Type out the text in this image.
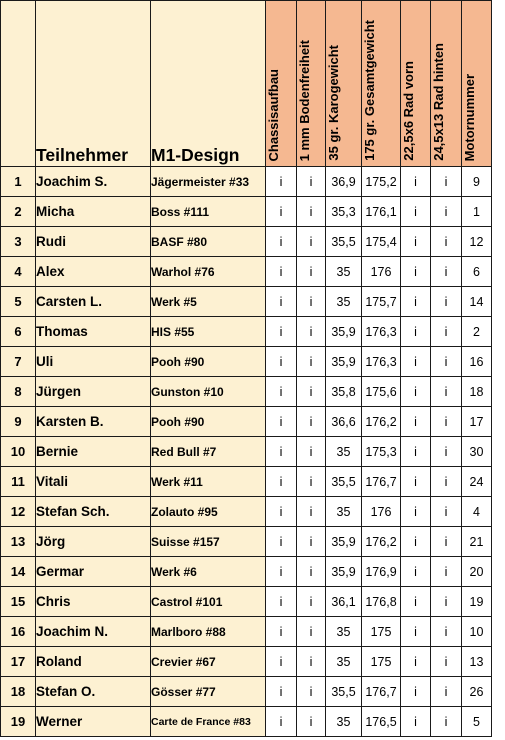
	Teilnehmer	M1-Design	Chassisaufbau	1 mm Bodenfreiheit	35 gr. Karogewicht	175 gr. Gesamtgewicht	22,5x6 Rad vorn	24,5x13 Rad hinten	Motornummer
1	Joachim S.	Jägermeister #33	i	i	36,9	175,2	i	i	9
2	Micha	Boss #111	i	i	35,3	176,1	i	i	1
3	Rudi	BASF #80	i	i	35,5	175,4	i	i	12
4	Alex	Warhol #76	i	i	35	176	i	i	6
5	Carsten L.	Werk #5	i	i	35	175,7	i	i	14
6	Thomas	HIS #55	i	i	35,9	176,3	i	i	2
7	Uli	Pooh #90	i	i	35,9	176,3	i	i	16
8	Jürgen	Gunston #10	i	i	35,8	175,6	i	i	18
9	Karsten B.	Pooh #90	i	i	36,6	176,2	i	i	17
10	Bernie	Red Bull #7	i	i	35	175,3	i	i	30
11	Vitali	Werk #11	i	i	35,5	176,7	i	i	24
12	Stefan Sch.	Zolauto #95	i	i	35	176	i	i	4
13	Jörg	Suisse #157	i	i	35,9	176,2	i	i	21
14	Germar	Werk #6	i	i	35,9	176,9	i	i	20
15	Chris	Castrol #101	i	i	36,1	176,8	i	i	19
16	Joachim N.	Marlboro #88	i	i	35	175	i	i	10
17	Roland	Crevier #67	i	i	35	175	i	i	13
18	Stefan O.	Gösser #77	i	i	35,5	176,7	i	i	26
19	Werner	Carte de France #83	i	i	35	176,5	i	i	5
